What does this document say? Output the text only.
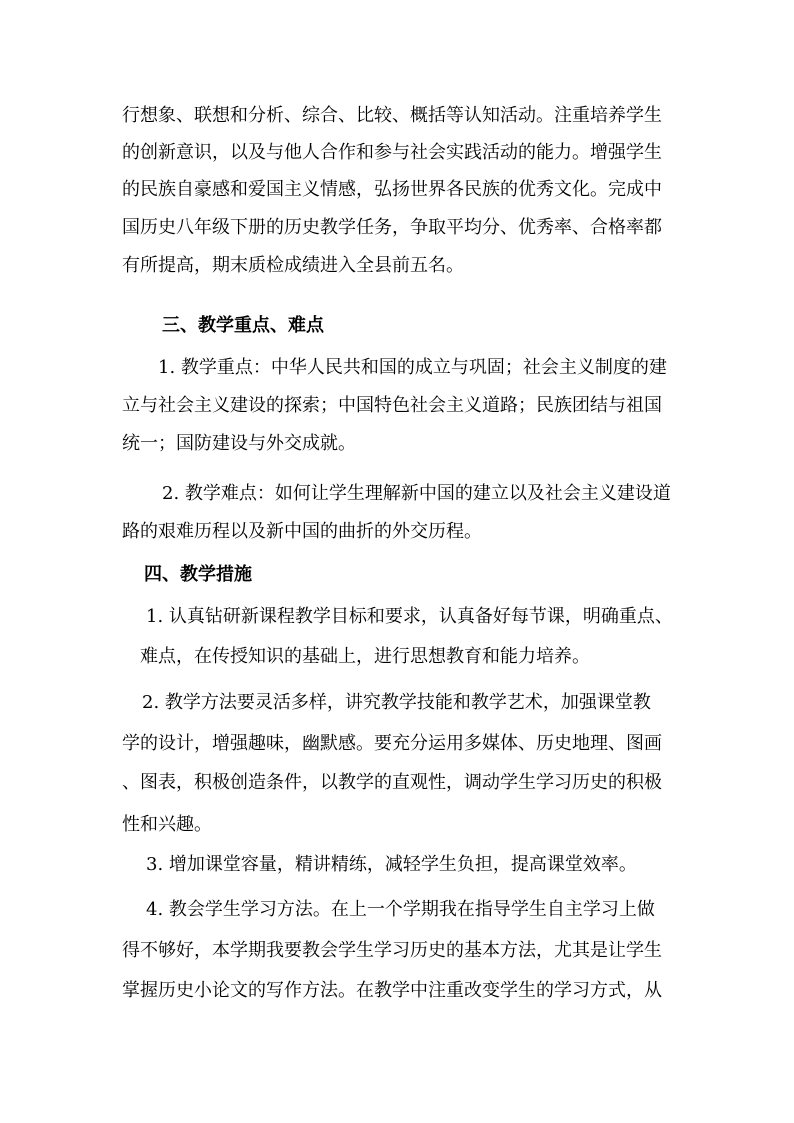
行想象、联想和分析、综合、比较、概括等认知活动。注重培养学生
的创新意识，以及与他人合作和参与社会实践活动的能力。增强学生
的民族自豪感和爱国主义情感，弘扬世界各民族的优秀文化。完成中
国历史八年级下册的历史教学任务，争取平均分、优秀率、合格率都
有所提高，期末质检成绩进入全县前五名。
三、教学重点、难点
1. 教学重点：中华人民共和国的成立与巩固；社会主义制度的建
立与社会主义建设的探索；中国特色社会主义道路；民族团结与祖国
统一；国防建设与外交成就。
2. 教学难点：如何让学生理解新中国的建立以及社会主义建设道
路的艰难历程以及新中国的曲折的外交历程。
四、教学措施
1. 认真钻研新课程教学目标和要求，认真备好每节课，明确重点、
难点，在传授知识的基础上，进行思想教育和能力培养。
2. 教学方法要灵活多样，讲究教学技能和教学艺术，加强课堂教
学的设计，增强趣味，幽默感。要充分运用多媒体、历史地理、图画
、图表，积极创造条件，以教学的直观性，调动学生学习历史的积极
性和兴趣。
3. 增加课堂容量，精讲精练，减轻学生负担，提高课堂效率。
4. 教会学生学习方法。在上一个学期我在指导学生自主学习上做
得不够好，本学期我要教会学生学习历史的基本方法，尤其是让学生
掌握历史小论文的写作方法。在教学中注重改变学生的学习方式，从
